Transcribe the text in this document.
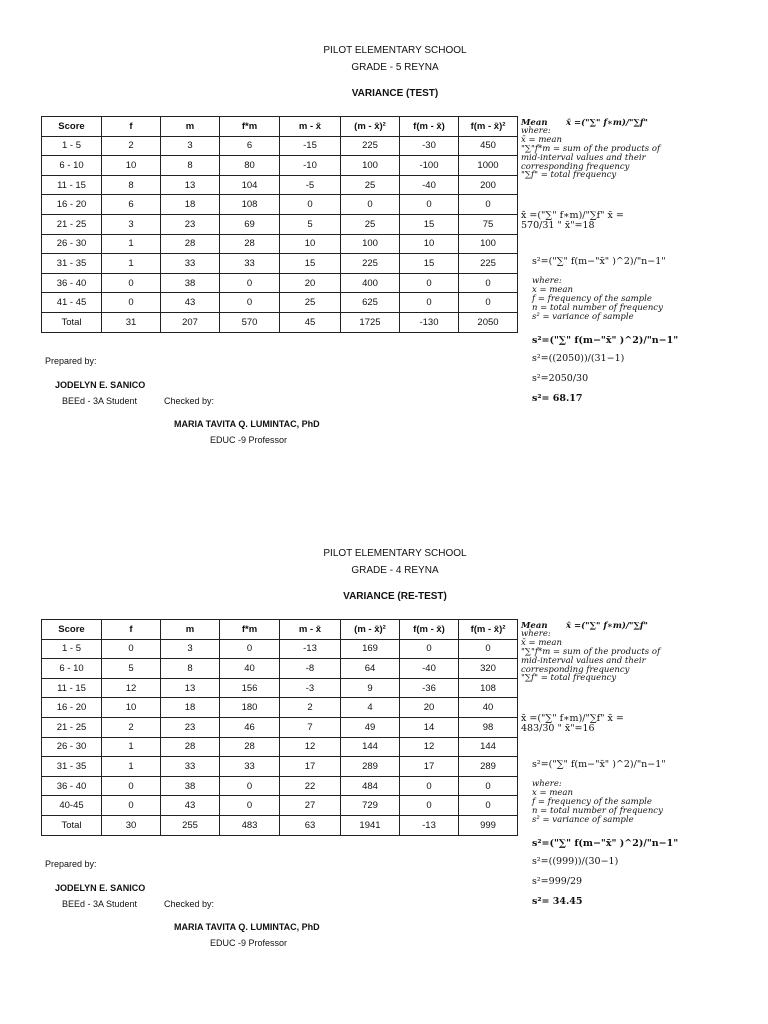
PILOT ELEMENTARY SCHOOL
GRADE - 5 REYNA
VARIANCE (TEST)
Score	f	m	f*m	m - x̄	(m - x̄)²	f(m - x̄)	f(m - x̄)²
1 - 5	2	3	6	-15	225	-30	450
6 - 10	10	8	80	-10	100	-100	1000
11 - 15	8	13	104	-5	25	-40	200
16 - 20	6	18	108	0	0	0	0
21 - 25	3	23	69	5	25	15	75
26 - 30	1	28	28	10	100	10	100
31 - 35	1	33	33	15	225	15	225
36 - 40	0	38	0	20	400	0	0
41 - 45	0	43	0	25	625	0	0
Total	31	207	570	45	1725	-130	2050
Prepared by:
JODELYN E. SANICO
BEEd - 3A Student	Checked by:
MARIA TAVITA Q. LUMINTAC, PhD
EDUC -9 Professor
Mean x̄ =("∑" f∗m)/"∑f"
where:
x̄ = mean
"∑"f*m = sum of the products of
mid-interval values and their
corresponding frequency
"∑f" = total frequency
x̄ =("∑" f∗m)/"∑f" x̄ =
570/31 " x̄"=18
s²=("∑" f(m−"x̄" )^2)/"n−1"
where:
x = mean
f = frequency of the sample
n = total number of frequency
s² = variance of sample
s²=("∑" f(m−"x̄" )^2)/"n−1"
s²=((2050))/(31−1)
s²=2050/30
s²= 68.17
PILOT ELEMENTARY SCHOOL
GRADE - 4 REYNA
VARIANCE (RE-TEST)
Score	f	m	f*m	m - x̄	(m - x̄)²	f(m - x̄)	f(m - x̄)²
1 - 5	0	3	0	-13	169	0	0
6 - 10	5	8	40	-8	64	-40	320
11 - 15	12	13	156	-3	9	-36	108
16 - 20	10	18	180	2	4	20	40
21 - 25	2	23	46	7	49	14	98
26 - 30	1	28	28	12	144	12	144
31 - 35	1	33	33	17	289	17	289
36 - 40	0	38	0	22	484	0	0
40-45	0	43	0	27	729	0	0
Total	30	255	483	63	1941	-13	999
Prepared by:
JODELYN E. SANICO
BEEd - 3A Student	Checked by:
MARIA TAVITA Q. LUMINTAC, PhD
EDUC -9 Professor
Mean x̄ =("∑" f∗m)/"∑f"
where:
x̄ = mean
"∑"f*m = sum of the products of
mid-interval values and their
corresponding frequency
"∑f" = total frequency
x̄ =("∑" f∗m)/"∑f" x̄ =
483/30 " x̄"=16
s²=("∑" f(m−"x̄" )^2)/"n−1"
where:
x = mean
f = frequency of the sample
n = total number of frequency
s² = variance of sample
s²=("∑" f(m−"x̄" )^2)/"n−1"
s²=((999))/(30−1)
s²=999/29
s²= 34.45
